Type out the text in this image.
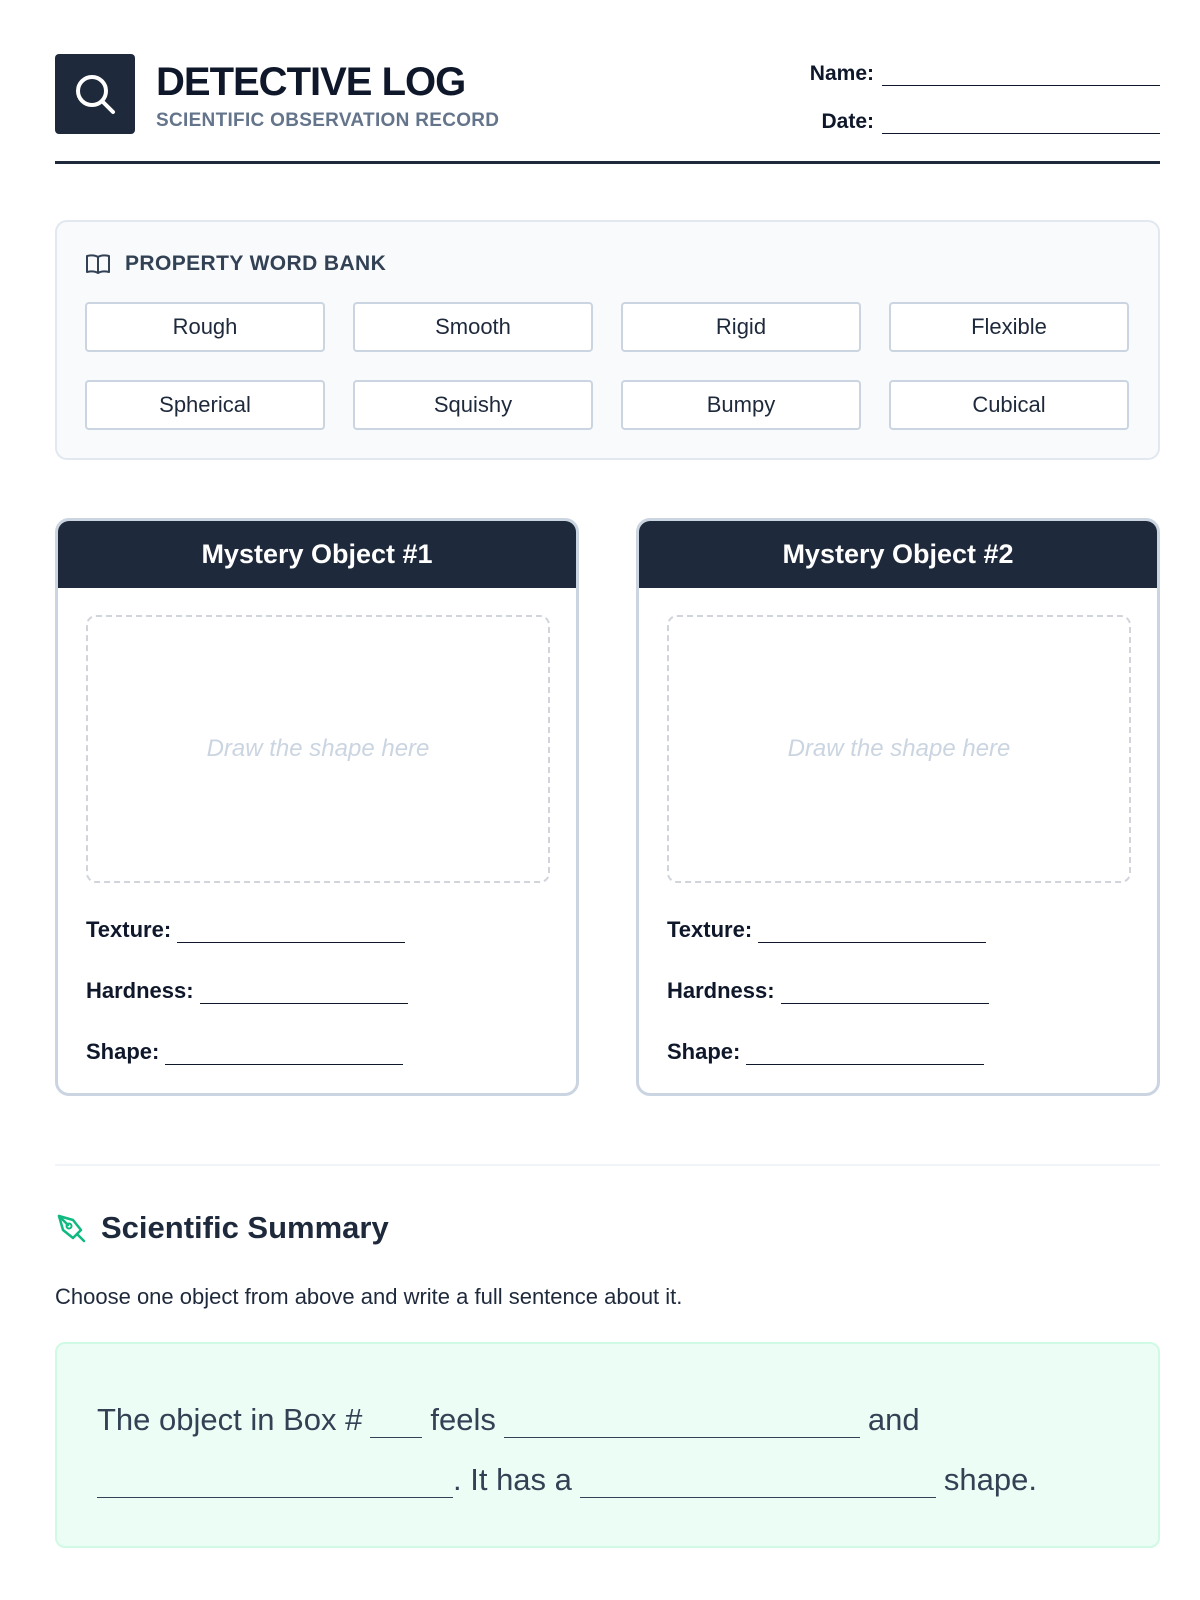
DETECTIVE LOG
SCIENTIFIC OBSERVATION RECORD
Name:
Date:
PROPERTY WORD BANK
Rough	Smooth	Rigid	Flexible
Spherical	Squishy	Bumpy	Cubical
Mystery Object #1
Draw the shape here
Texture:
Hardness:
Shape:
Mystery Object #2
Draw the shape here
Texture:
Hardness:
Shape:
Scientific Summary
Choose one object from above and write a full sentence about it.
The object in Box # feels	and
. It has a	shape.
